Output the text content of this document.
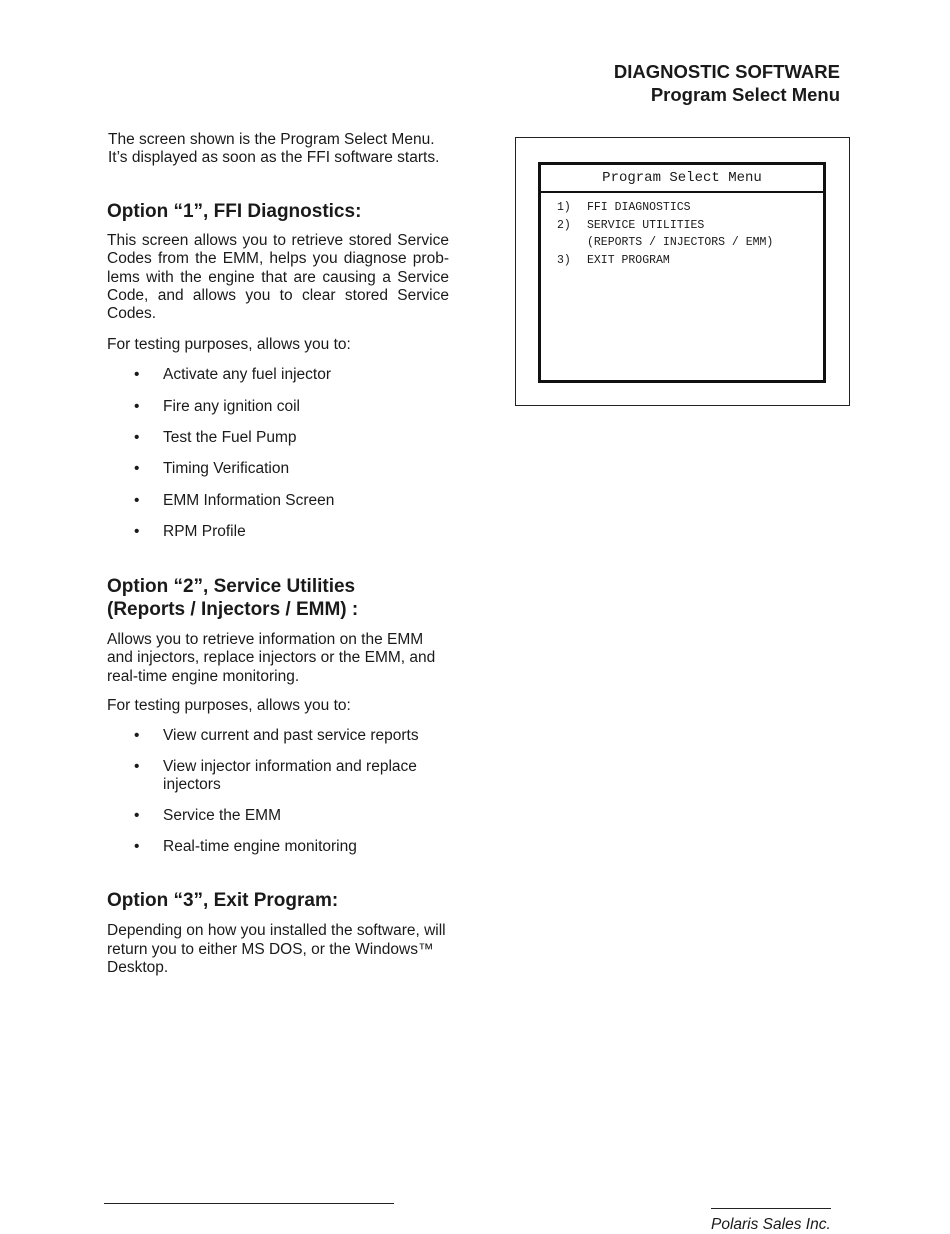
DIAGNOSTIC SOFTWARE
Program Select Menu

The screen shown is the Program Select Menu.

It’s displayed as soon as the FFI software starts.

Option “1”, FFI Diagnostics:

This screen allows you to retrieve stored Service Codes from the EMM, helps you diagnose prob-lems with the engine that are causing a Service Code, and allows you to clear stored Service Codes.

For testing purposes, allows you to:

• Activate any fuel injector
• Fire any ignition coil
• Test the Fuel Pump
• Timing Verification
• EMM Information Screen
• RPM Profile
Option “2”, Service Utilities
(Reports / Injectors / EMM) :

Allows you to retrieve information on the EMM and injectors, replace injectors or the EMM, and real-time engine monitoring.

For testing purposes, allows you to:

• View current and past service reports
• View injector information and replace injectors
• Service the EMM
• Real-time engine monitoring
Option “3”, Exit Program:

Depending on how you installed the software, will return you to either MS DOS, or the Windows™ Desktop.

Program Select Menu
1)	FFI DIAGNOSTICS
2)	SERVICE UTILITIES
(REPORTS / INJECTORS / EMM)
3)	EXIT PROGRAM
Polaris Sales Inc.
